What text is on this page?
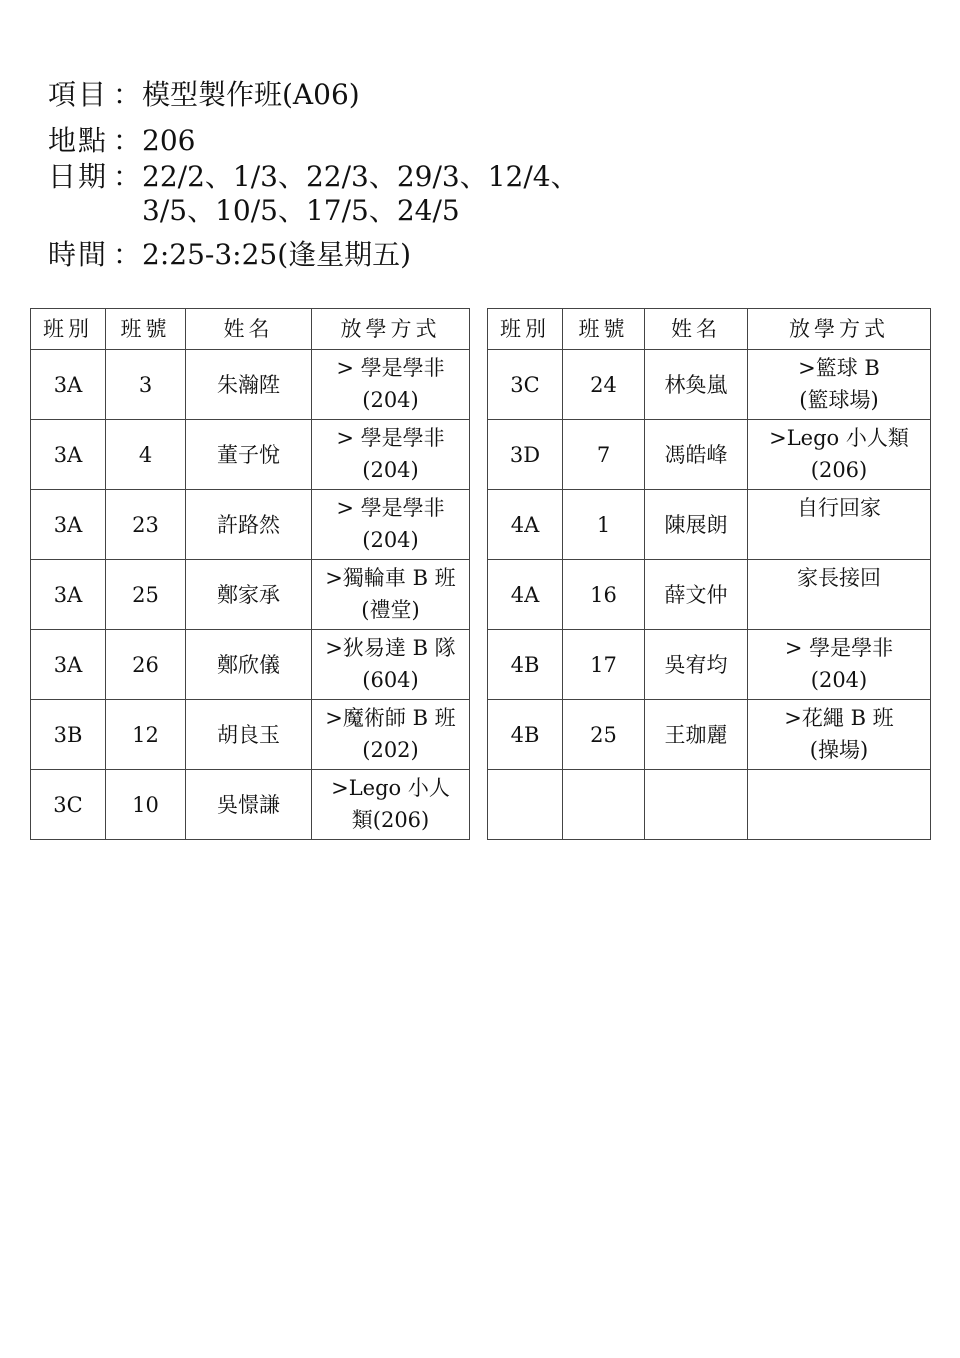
項目 ： 模型製作班(A06)
地點 ： 206
日期 ： 22/2、1/3、22/3、29/3、12/4、
3/5、10/5、17/5、24/5
時間 ： 2:25-3:25(逢星期五)
班別	班號	姓名	放學方式
3A	3	朱瀚陞	> 學是學非
(204)

3A	4	董子悅	> 學是學非
(204)

3A	23	許路然	> 學是學非
(204)

3A	25	鄭家承	>獨輪車 B 班
(禮堂)

3A	26	鄭欣儀	>狄易達 B 隊
(604)

3B	12	胡良玉	>魔術師 B 班
(202)

3C	10	吳憬謙	>Lego 小人
類(206)
班別	班號	姓名	放學方式
3C	24	林奐嵐	>籃球 B
(籃球場)

3D	7	馮皓峰	>Lego 小人類
(206)

4A	1	陳展朗	自行回家

4A	16	薛文仲	家長接回

4B	17	吳宥均	> 學是學非
(204)

4B	25	王珈麗	>花繩 B 班
(操場)
